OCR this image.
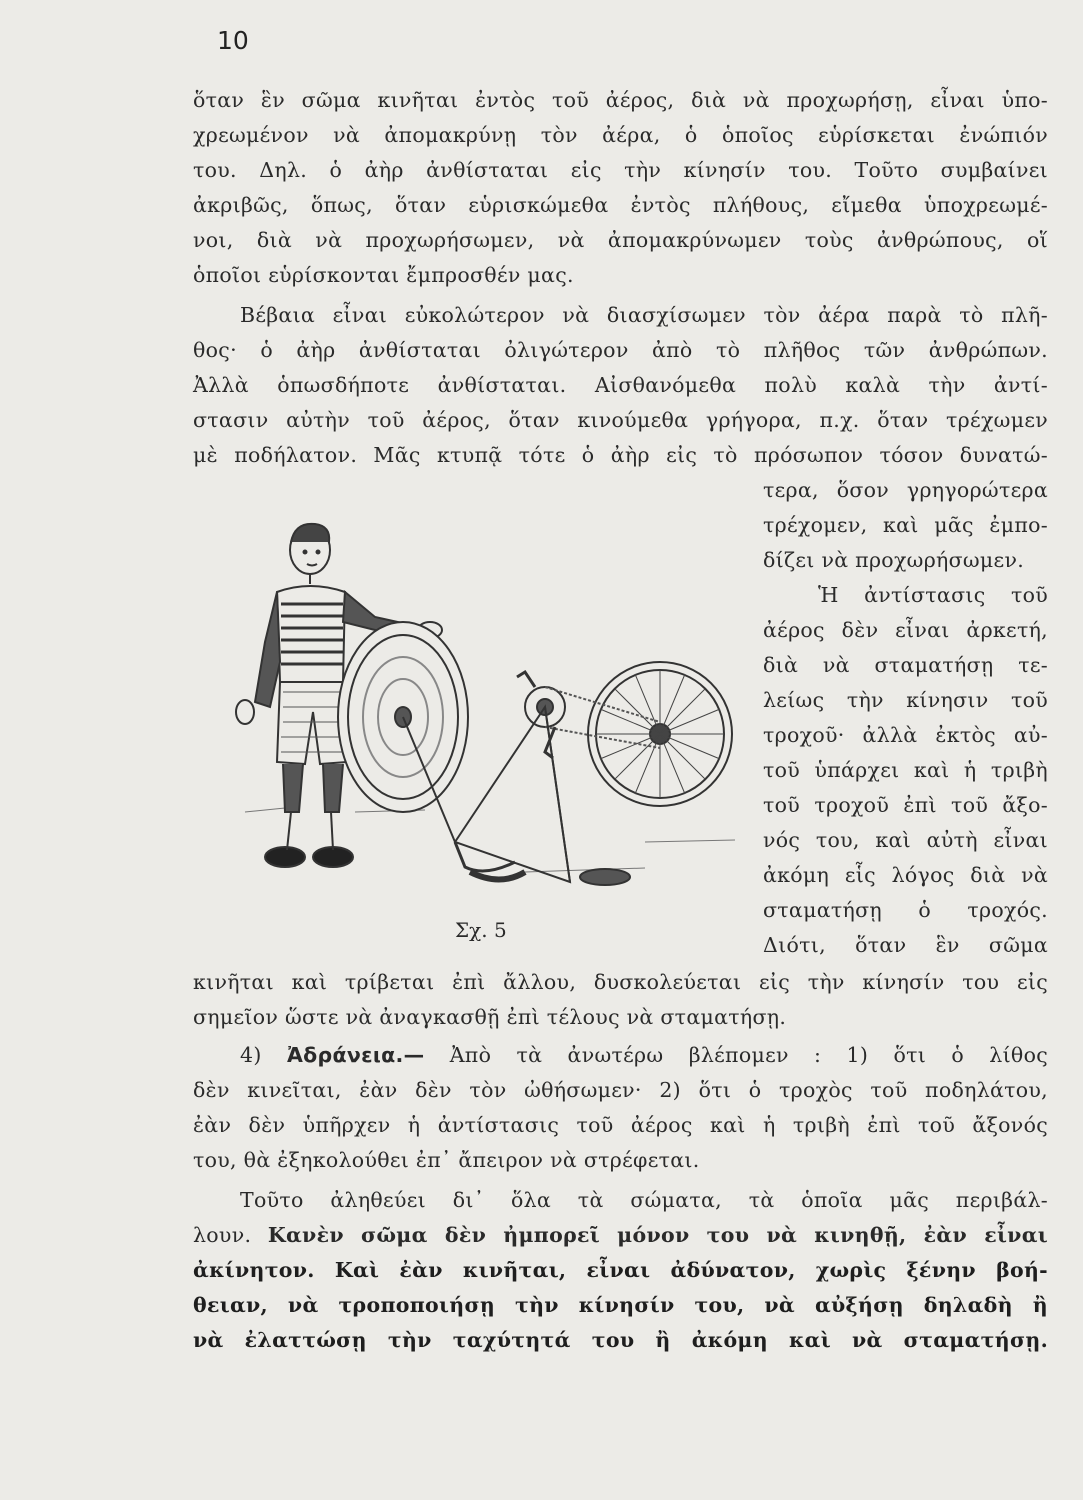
10
ὅταν ἓν σῶμα κινῆται ἐντὸς τοῦ ἀέρος, διὰ νὰ προχωρήσῃ, εἶναι ὑπο-
χρεωμένον νὰ ἀπομακρύνῃ τὸν ἀέρα, ὁ ὁποῖος εὑρίσκεται ἐνώπιόν
του. Δηλ. ὁ ἀὴρ ἀνθίσταται εἰς τὴν κίνησίν του. Τοῦτο συμβαίνει
ἀκριβῶς, ὅπως, ὅταν εὑρισκώμεθα ἐντὸς πλήθους, εἴμεθα ὑποχρεωμέ-
νοι, διὰ νὰ προχωρήσωμεν, νὰ ἀπομακρύνωμεν τοὺς ἀνθρώπους, οἵ
ὁποῖοι εὑρίσκονται ἔμπροσθέν μας.
Βέβαια εἶναι εὐκολώτερον νὰ διασχίσωμεν τὸν ἀέρα παρὰ τὸ πλῆ-
θος· ὁ ἀὴρ ἀνθίσταται ὀλιγώτερον ἀπὸ τὸ πλῆθος τῶν ἀνθρώπων.
Ἀλλὰ ὁπωσδήποτε ἀνθίσταται. Αἰσθανόμεθα πολὺ καλὰ τὴν ἀντί-
στασιν αὐτὴν τοῦ ἀέρος, ὅταν κινούμεθα γρήγορα, π.χ. ὅταν τρέχωμεν
μὲ ποδήλατον. Μᾶς κτυπᾷ τότε ὁ ἀὴρ εἰς τὸ πρόσωπον τόσον δυνατώ-
τερα, ὅσον γρηγορώτερα
τρέχομεν, καὶ μᾶς ἐμπο-
δίζει νὰ προχωρήσωμεν.
Ἡ ἀντίστασις τοῦ
ἀέρος δὲν εἶναι ἀρκετή,
διὰ νὰ σταματήσῃ τε-
λείως τὴν κίνησιν τοῦ
τροχοῦ· ἀλλὰ ἐκτὸς αὐ-
τοῦ ὑπάρχει καὶ ἡ τριβὴ
τοῦ τροχοῦ ἐπὶ τοῦ ἄξο-
νός του, καὶ αὐτὴ εἶναι
ἀκόμη εἷς λόγος διὰ νὰ
σταματήσῃ ὁ τροχός.
Διότι, ὅταν ἓν σῶμα
κινῆται καὶ τρίβεται ἐπὶ ἄλλου, δυσκολεύεται εἰς τὴν κίνησίν του εἰς
σημεῖον ὥστε νὰ ἀναγκασθῇ ἐπὶ τέλους νὰ σταματήσῃ.
Σχ. 5
4) Ἀδράνεια.— Ἀπὸ τὰ ἀνωτέρω βλέπομεν : 1) ὅτι ὁ λίθος
δὲν κινεῖται, ἐὰν δὲν τὸν ὠθήσωμεν· 2) ὅτι ὁ τροχὸς τοῦ ποδηλάτου,
ἐὰν δὲν ὑπῆρχεν ἡ ἀντίστασις τοῦ ἀέρος καὶ ἡ τριβὴ ἐπὶ τοῦ ἄξονός
του, θὰ ἐξηκολούθει ἐπ᾿ ἄπειρον νὰ στρέφεται.
Τοῦτο ἀληθεύει δι᾿ ὅλα τὰ σώματα, τὰ ὁποῖα μᾶς περιβάλ-
λουν. Κανὲν σῶμα δὲν ἠμπορεῖ μόνον του νὰ κινηθῇ, ἐὰν εἶναι
ἀκίνητον. Καὶ ἐὰν κινῆται, εἶναι ἀδύνατον, χωρὶς ξένην βοή-
θειαν, νὰ τροποποιήσῃ τὴν κίνησίν του, νὰ αὐξήσῃ δηλαδὴ ἢ
νὰ ἐλαττώσῃ τὴν ταχύτητά του ἢ ἀκόμη καὶ νὰ σταματήσῃ.
